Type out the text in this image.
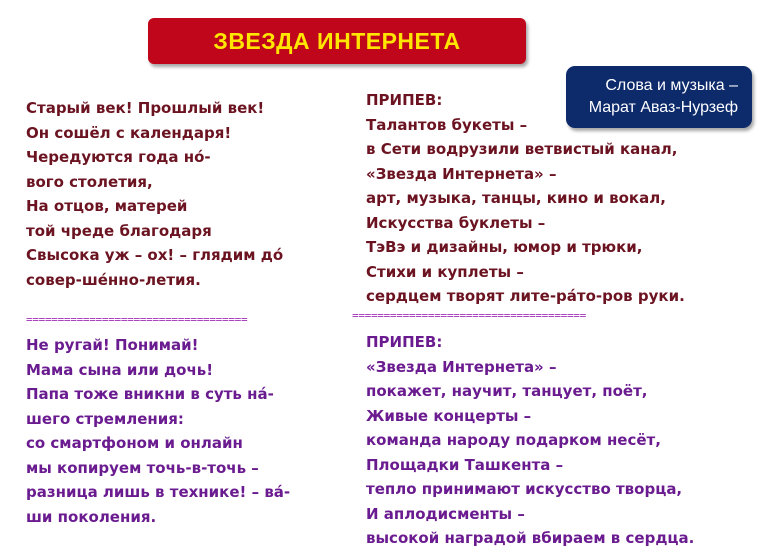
ЗВЕЗДА ИНТЕРНЕТА
Слова и музыка –
Марат Аваз-Нурзеф
Старый век! Прошлый век!
Он сошёл с календаря!
Чередуются года нó-
вого столетия,
На отцов, матерей
той чреде благодаря
Свысока уж – ох! – глядим дó
совер-шéнно-летия.
===================================
Не ругай! Понимай!
Мама сына или дочь!
Папа тоже вникни в суть нá-
шего стремления:
со смартфоном и онлайн
мы копируем точь-в-точь –
разница лишь в технике! – вá-
ши поколения.
ПРИПЕВ:
Талантов букеты –
в Сети водрузили ветвистый канал,
«Звезда Интернета» –
арт, музыка, танцы, кино и вокал,
Искусства буклеты –
ТэВэ и дизайны, юмор и трюки,
Стихи и куплеты –
сердцем творят лите-рáто-ров руки.
=====================================
ПРИПЕВ:
«Звезда Интернета» –
покажет, научит, танцует, поёт,
Живые концерты –
команда народу подарком несёт,
Площадки Ташкента –
тепло принимают искусство творца,
И аплодисменты –
высокой наградой вбираем в сердца.
